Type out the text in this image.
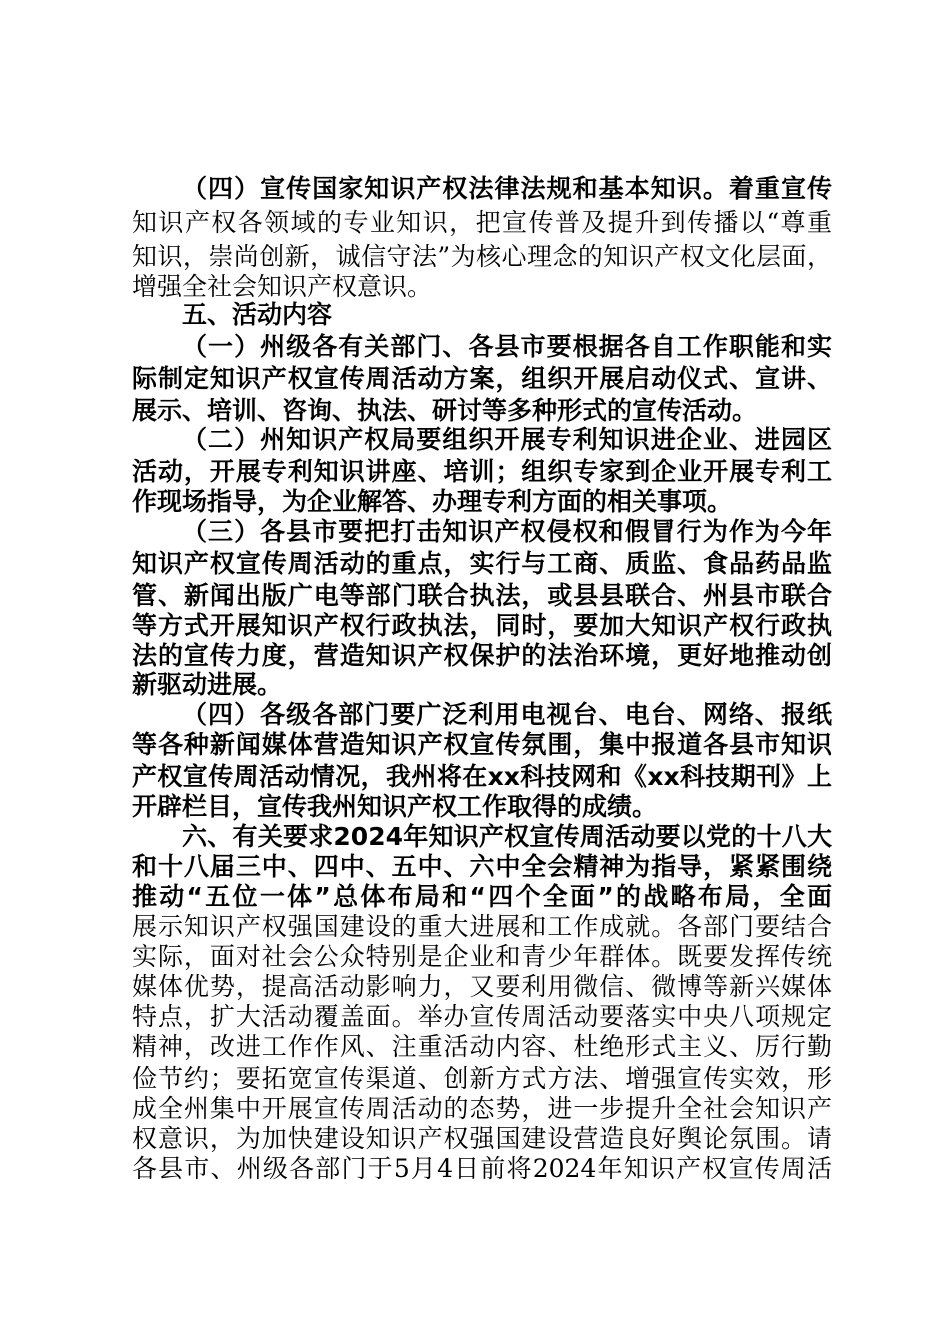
（四）宣传国家知识产权法律法规和基本知识。着重宣传
知识产权各领域的专业知识，把宣传普及提升到传播以“尊重
知识，崇尚创新，诚信守法”为核心理念的知识产权文化层面，
增强全社会知识产权意识。
五、活动内容
（一）州级各有关部门、各县市要根据各自工作职能和实
际制定知识产权宣传周活动方案，组织开展启动仪式、宣讲、
展示、培训、咨询、执法、研讨等多种形式的宣传活动。
（二）州知识产权局要组织开展专利知识进企业、进园区
活动，开展专利知识讲座、培训；组织专家到企业开展专利工
作现场指导，为企业解答、办理专利方面的相关事项。
（三）各县市要把打击知识产权侵权和假冒行为作为今年
知识产权宣传周活动的重点，实行与工商、质监、食品药品监
管、新闻出版广电等部门联合执法，或县县联合、州县市联合
等方式开展知识产权行政执法，同时，要加大知识产权行政执
法的宣传力度，营造知识产权保护的法治环境，更好地推动创
新驱动进展。
（四）各级各部门要广泛利用电视台、电台、网络、报纸
等各种新闻媒体营造知识产权宣传氛围，集中报道各县市知识
产权宣传周活动情况，我州将在xx科技网和《xx科技期刊》上
开辟栏目，宣传我州知识产权工作取得的成绩。
六、有关要求2024年知识产权宣传周活动要以党的十八大
和十八届三中、四中、五中、六中全会精神为指导，紧紧围绕
推动“五位一体”总体布局和“四个全面”的战略布局，全面
展示知识产权强国建设的重大进展和工作成就。各部门要结合
实际，面对社会公众特别是企业和青少年群体。既要发挥传统
媒体优势，提高活动影响力，又要利用微信、微博等新兴媒体
特点，扩大活动覆盖面。举办宣传周活动要落实中央八项规定
精神，改进工作作风、注重活动内容、杜绝形式主义、厉行勤
俭节约；要拓宽宣传渠道、创新方式方法、增强宣传实效，形
成全州集中开展宣传周活动的态势，进一步提升全社会知识产
权意识，为加快建设知识产权强国建设营造良好舆论氛围。请
各县市、州级各部门于5月4日前将2024年知识产权宣传周活
